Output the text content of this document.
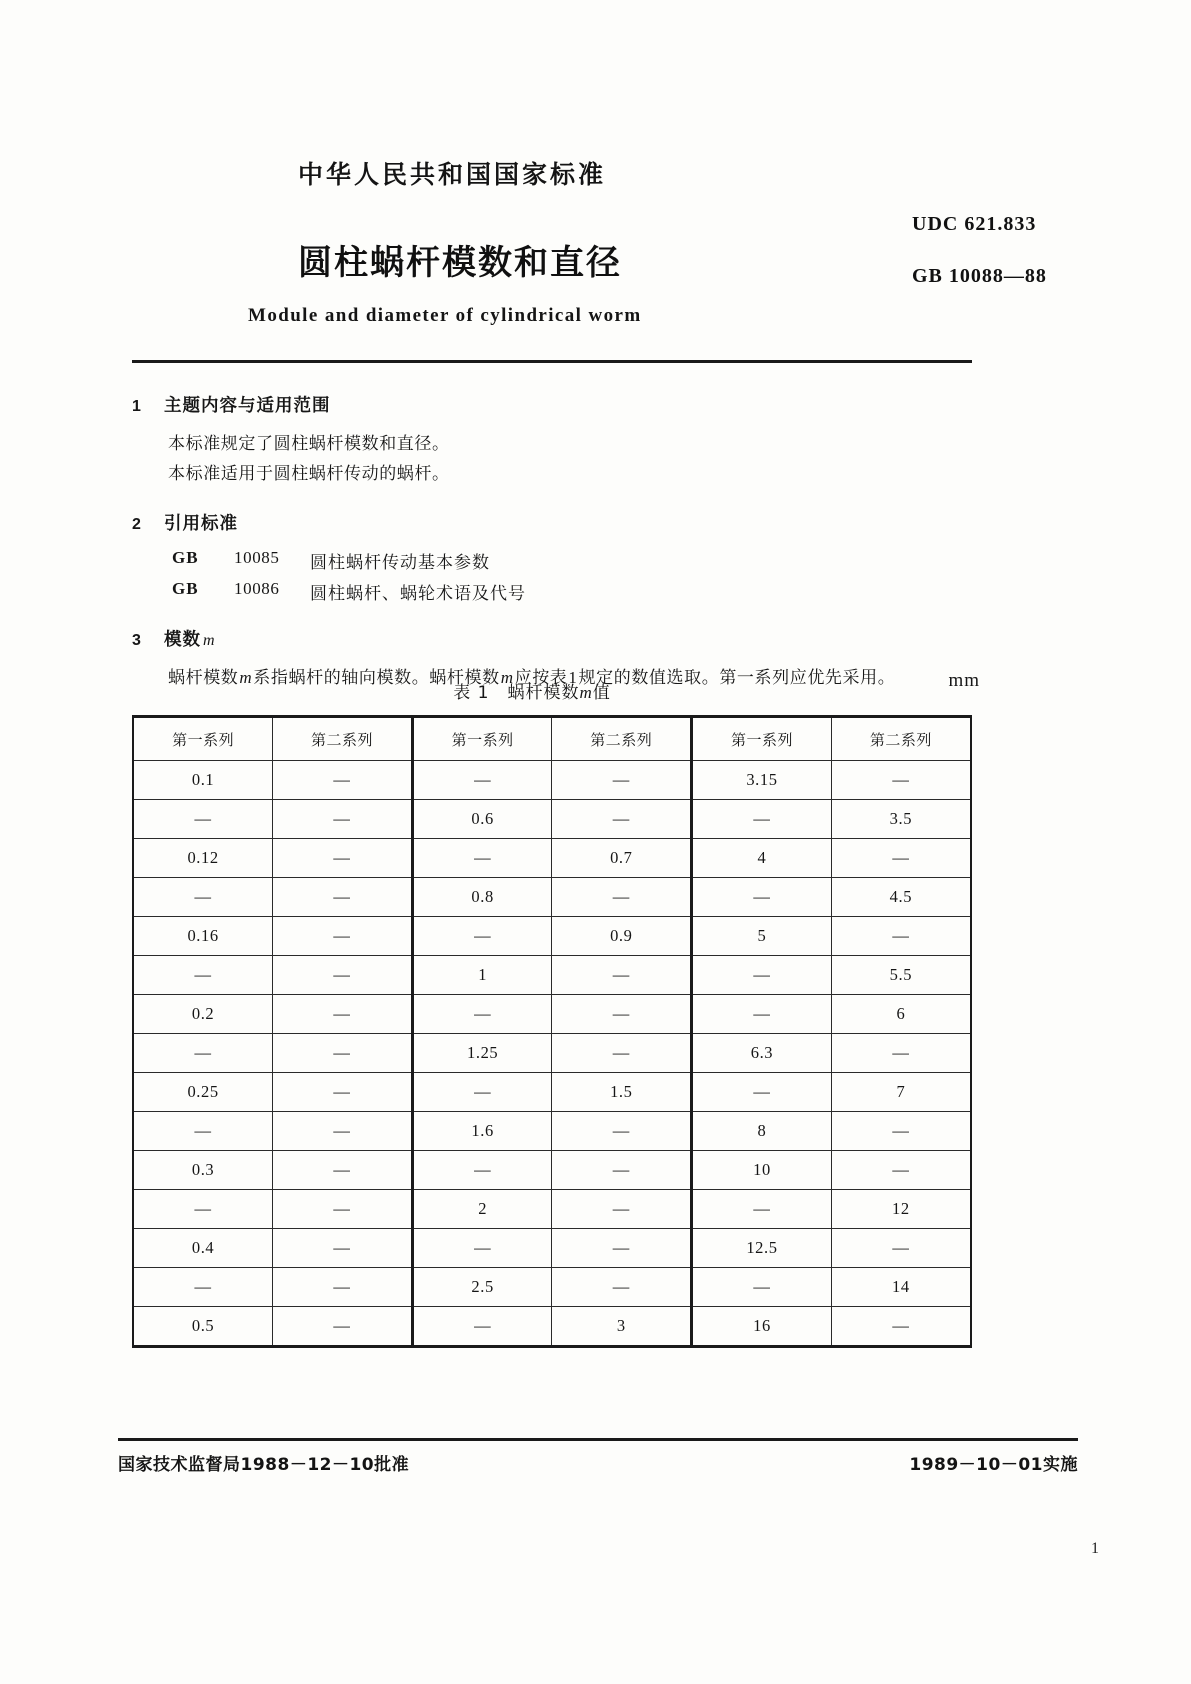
中华人民共和国国家标准
圆柱蜗杆模数和直径
Module and diameter of cylindrical worm
UDC 621.833
GB 10088—88
1	主题内容与适用范围
本标准规定了圆柱蜗杆模数和直径。
本标准适用于圆柱蜗杆传动的蜗杆。
2	引用标准
GB	10085	圆柱蜗杆传动基本参数
GB	10086	圆柱蜗杆、蜗轮术语及代号
3	模数 m
蜗杆模数m系指蜗杆的轴向模数。蜗杆模数m应按表1规定的数值选取。第一系列应优先采用。
表 1　蜗杆模数m值
mm
第一系列	第二系列	第一系列	第二系列	第一系列	第二系列
0.1	—	—	—	3.15	—
—	—	0.6	—	—	3.5
0.12	—	—	0.7	4	—
—	—	0.8	—	—	4.5
0.16	—	—	0.9	5	—
—	—	1	—	—	5.5
0.2	—	—	—	—	6
—	—	1.25	—	6.3	—
0.25	—	—	1.5	—	7
—	—	1.6	—	8	—
0.3	—	—	—	10	—
—	—	2	—	—	12
0.4	—	—	—	12.5	—
—	—	2.5	—	—	14
0.5	—	—	3	16	—
国家技术监督局1988－12－10批准	1989－10－01实施
1
